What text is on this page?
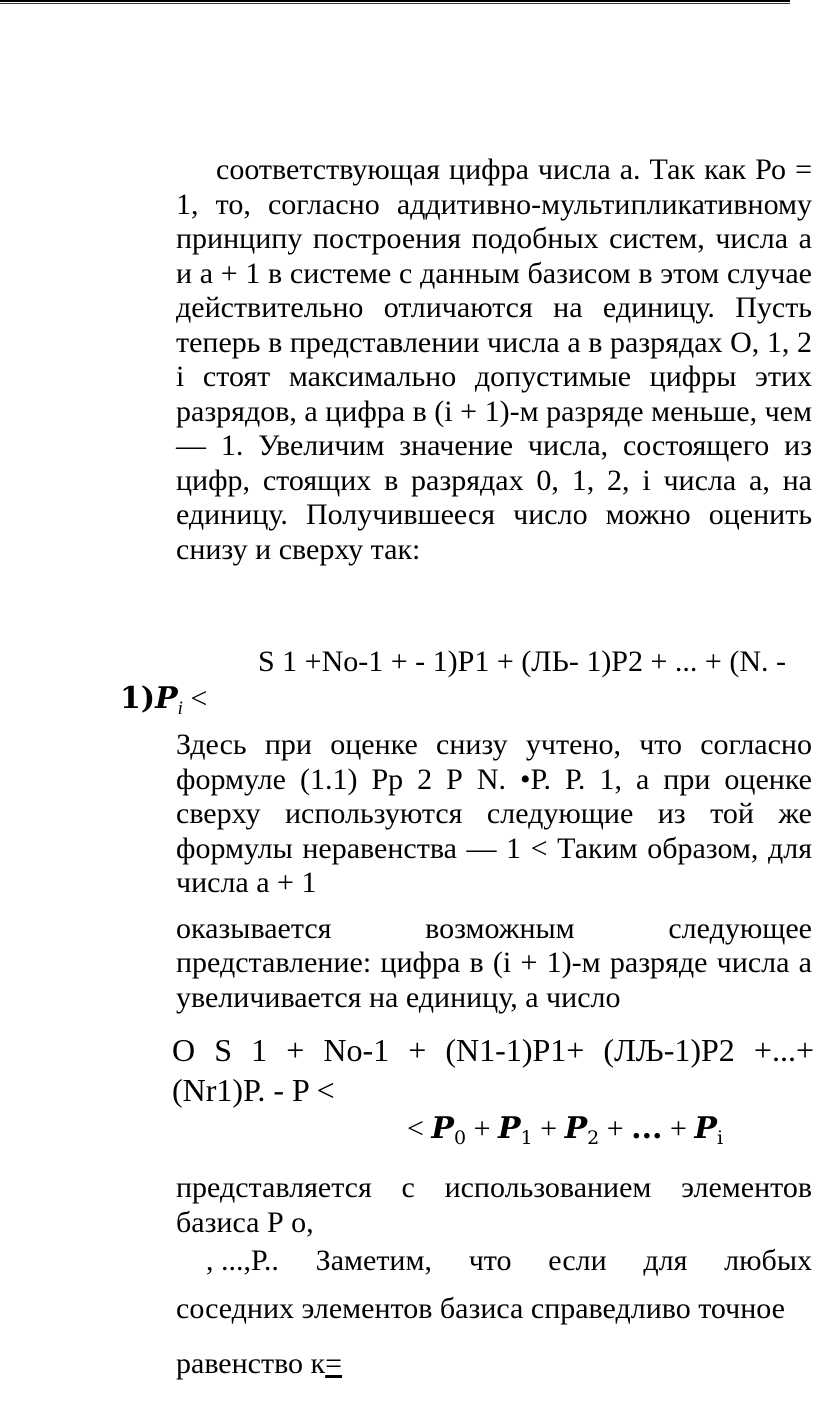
соответствующая цифра числа а. Так как Ро = 1, то, согласно аддитивно-мультипликативному принципу построения подобных систем, числа а и а + 1 в системе с данным базисом в этом случае действительно отличаются на единицу. Пусть теперь в представлении числа а в разрядах О, 1, 2 і стоят максимально допустимые цифры этих разрядов, а цифра в (і + 1)-м разряде меньше, чем — 1. Увеличим значение числа, состоящего из цифр, стоящих в разрядах 0, 1, 2, і числа а, на единицу. Получившееся число можно оценить снизу и сверху так:

S 1 +No-1 + - 1)P1 + (ЛЬ- 1)P2 + ... + (N. -
$1)P_i$ <

Здесь при оценке снизу учтено, что согласно формуле (1.1) Рр 2 Р N. •Р. Р. 1, а при оценке сверху используются следующие из той же формулы неравенства — 1 < Таким образом, для числа а + 1

оказывается	возможным	следующее

представление: цифра в (і + 1)-м разряде числа а увеличивается на единицу, а число

O S 1 + No-1 + (N1-1)P1+ (ЛЉ-1)P2 +...+ (Nr1)P. - P <

< $P_0 + P_1 + P_2$ + ... + $P_i$

представляется с использованием элементов базиса Р о,

, ...,Р.. Заметим, что если для любых
соседних элементов базиса справедливо точное
равенство к=
